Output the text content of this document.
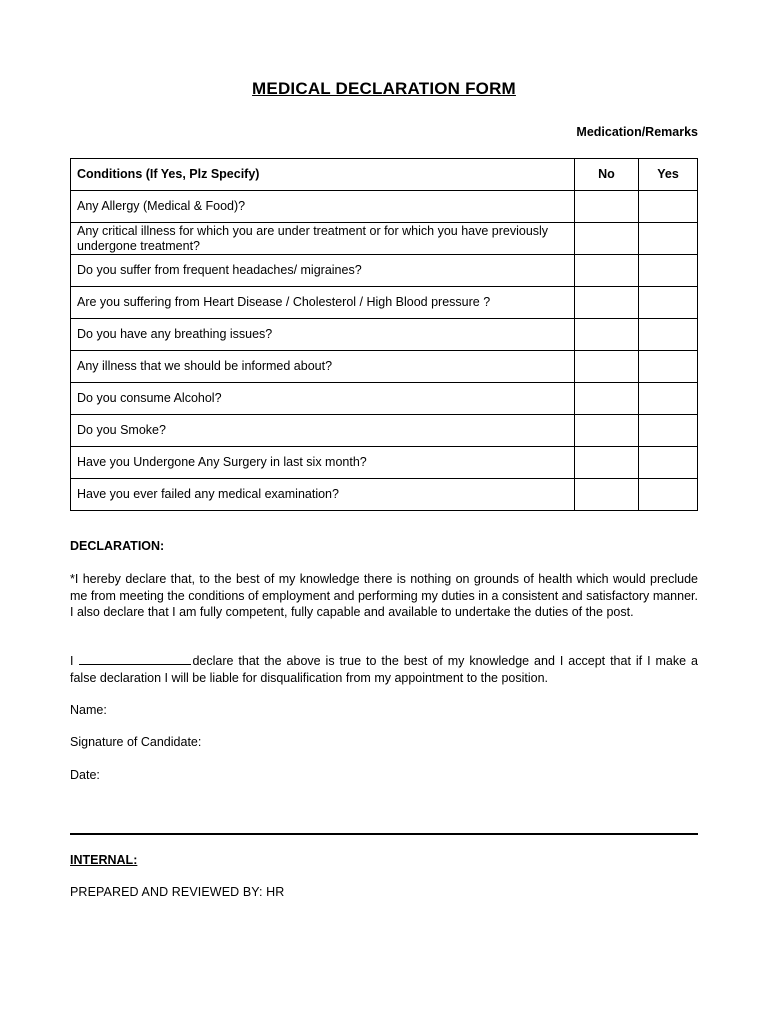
MEDICAL DECLARATION FORM
Medication/Remarks
Conditions (If Yes, Plz Specify)	No	Yes
Any Allergy (Medical & Food)?	

Any critical illness for which you are under treatment or for which you have previously undergone treatment?	

Do you suffer from frequent headaches/ migraines?	

Are you suffering from Heart Disease / Cholesterol / High Blood pressure ?	

Do you have any breathing issues?	

Any illness that we should be informed about?	

Do you consume Alcohol?	

Do you Smoke?	

Have you Undergone Any Surgery in last six month?	

Have you ever failed any medical examination?	

DECLARATION:
*I hereby declare that, to the best of my knowledge there is nothing on grounds of health which would preclude me from meeting the conditions of employment and performing my duties in a consistent and satisfactory manner. I also declare that I am fully competent, fully capable and available to undertake the duties of the post.
I	declare that the above is true to the best of my knowledge and I accept that if I make a false declaration I will be liable for disqualification from my appointment to the position.
Name:
Signature of Candidate:
Date:
INTERNAL:
PREPARED AND REVIEWED BY: HR
